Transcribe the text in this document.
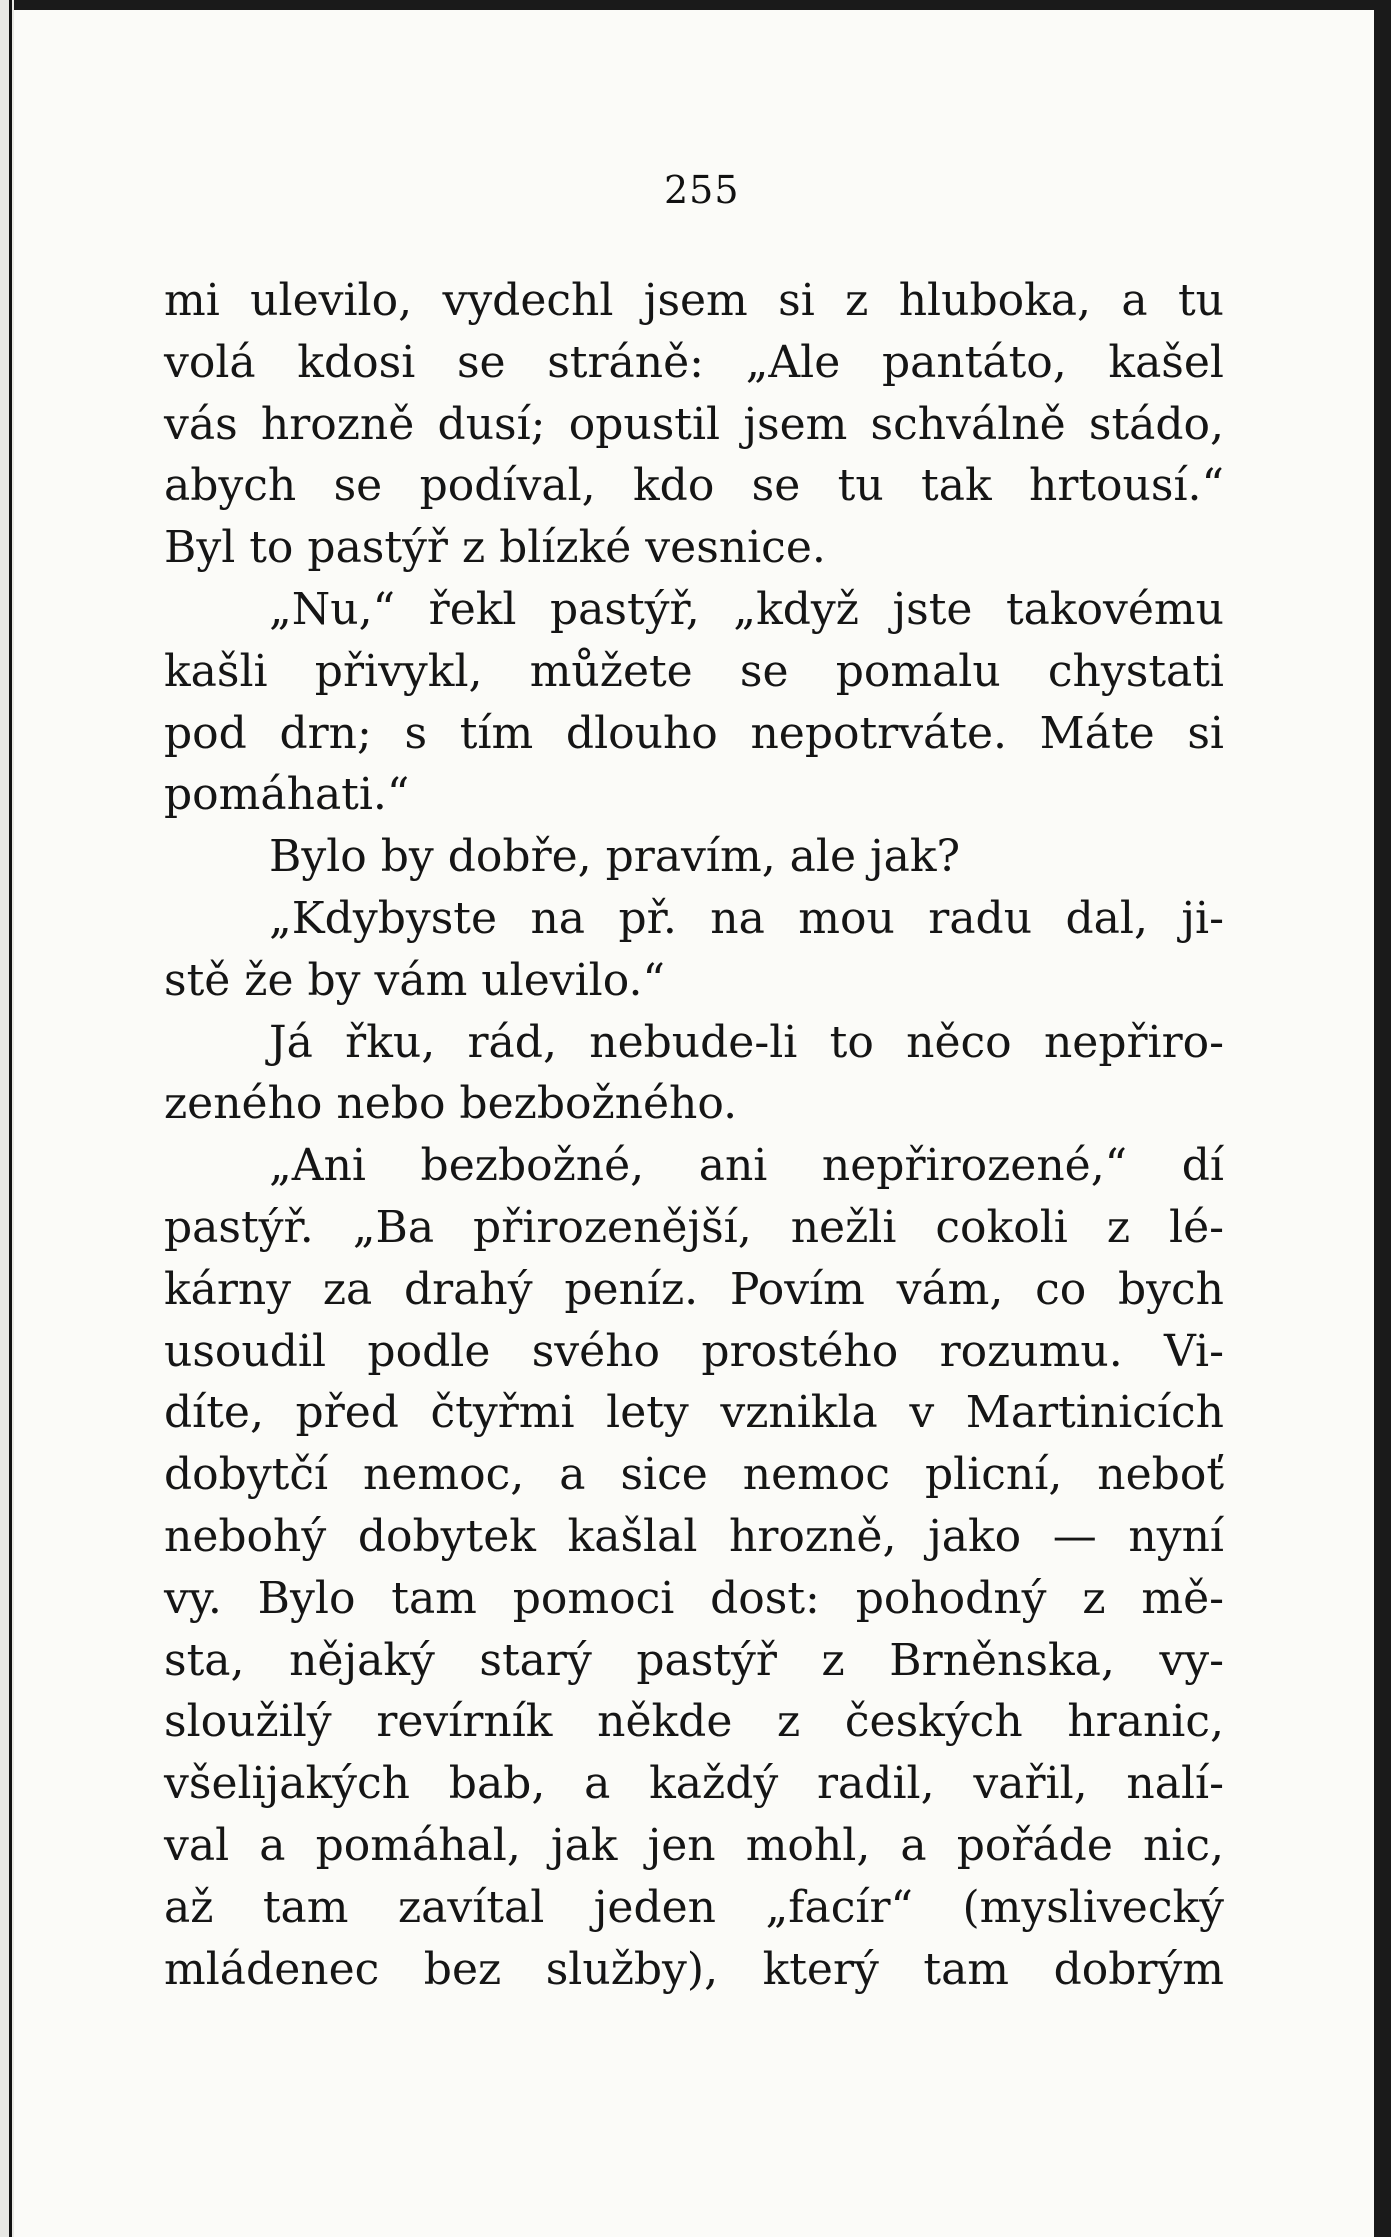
255
mi ulevilo, vydechl jsem si z hluboka, a tu
volá kdosi se stráně: „Ale pantáto, kašel
vás hrozně dusí; opustil jsem schválně stádo,
abych se podíval, kdo se tu tak hrtousí.“
Byl to pastýř z blízké vesnice.
„Nu,“ řekl pastýř, „když jste takovému
kašli přivykl, můžete se pomalu chystati
pod drn; s tím dlouho nepotrváte. Máte si
pomáhati.“
Bylo by dobře, pravím, ale jak?
„Kdybyste na př. na mou radu dal, ji-
stě že by vám ulevilo.“
Já řku, rád, nebude-li to něco nepřiro-
zeného nebo bezbožného.
„Ani bezbožné, ani nepřirozené,“ dí
pastýř. „Ba přirozenější, nežli cokoli z lé-
kárny za drahý peníz. Povím vám, co bych
usoudil podle svého prostého rozumu. Vi-
díte, před čtyřmi lety vznikla v Martinicích
dobytčí nemoc, a sice nemoc plicní, neboť
nebohý dobytek kašlal hrozně, jako — nyní
vy. Bylo tam pomoci dost: pohodný z mě-
sta, nějaký starý pastýř z Brněnska, vy-
sloužilý revírník někde z českých hranic,
všelijakých bab, a každý radil, vařil, nalí-
val a pomáhal, jak jen mohl, a pořáde nic,
až tam zavítal jeden „facír“ (myslivecký
mládenec bez služby), který tam dobrým
